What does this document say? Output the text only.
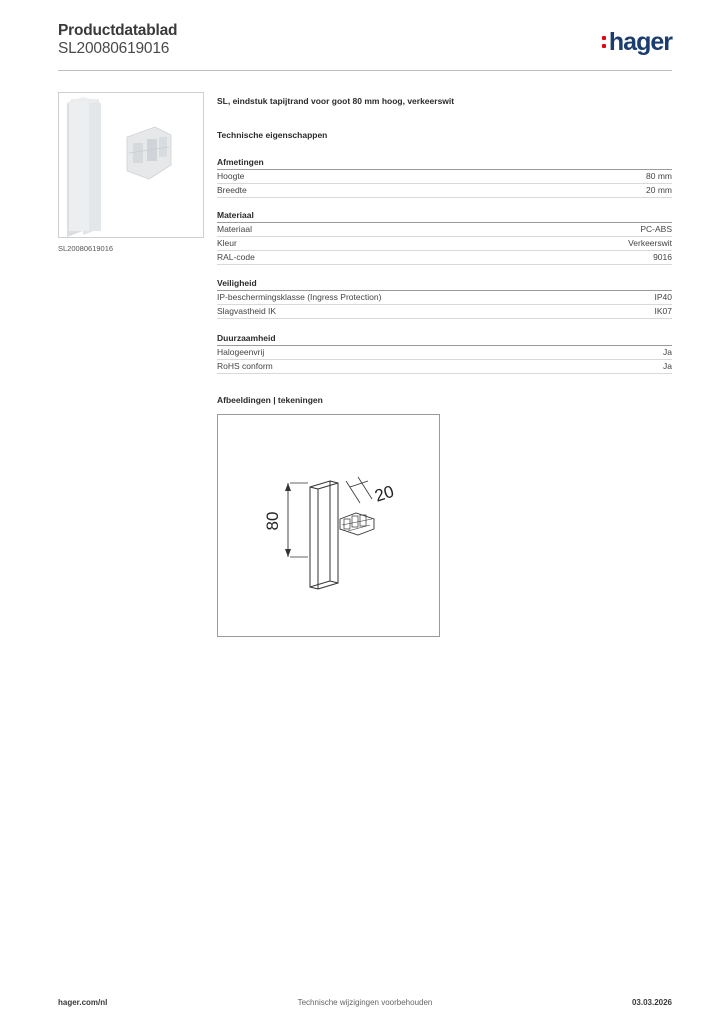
Productdatablad
SL20080619016	hager
SL20080619016
SL, eindstuk tapijtrand voor goot 80 mm hoog, verkeerswit
Technische eigenschappen
Afmetingen
Hoogte	80 mm
Breedte	20 mm
Materiaal
Materiaal	PC-ABS
Kleur	Verkeerswit
RAL-code	9016
Veiligheid
IP-beschermingsklasse (Ingress Protection)	IP40
Slagvastheid IK	IK07
Duurzaamheid
Halogeenvrij	Ja
RoHS conform	Ja
Afbeeldingen | tekeningen
80
20
hager.com/nl	Technische wijzigingen voorbehouden	03.03.2026
